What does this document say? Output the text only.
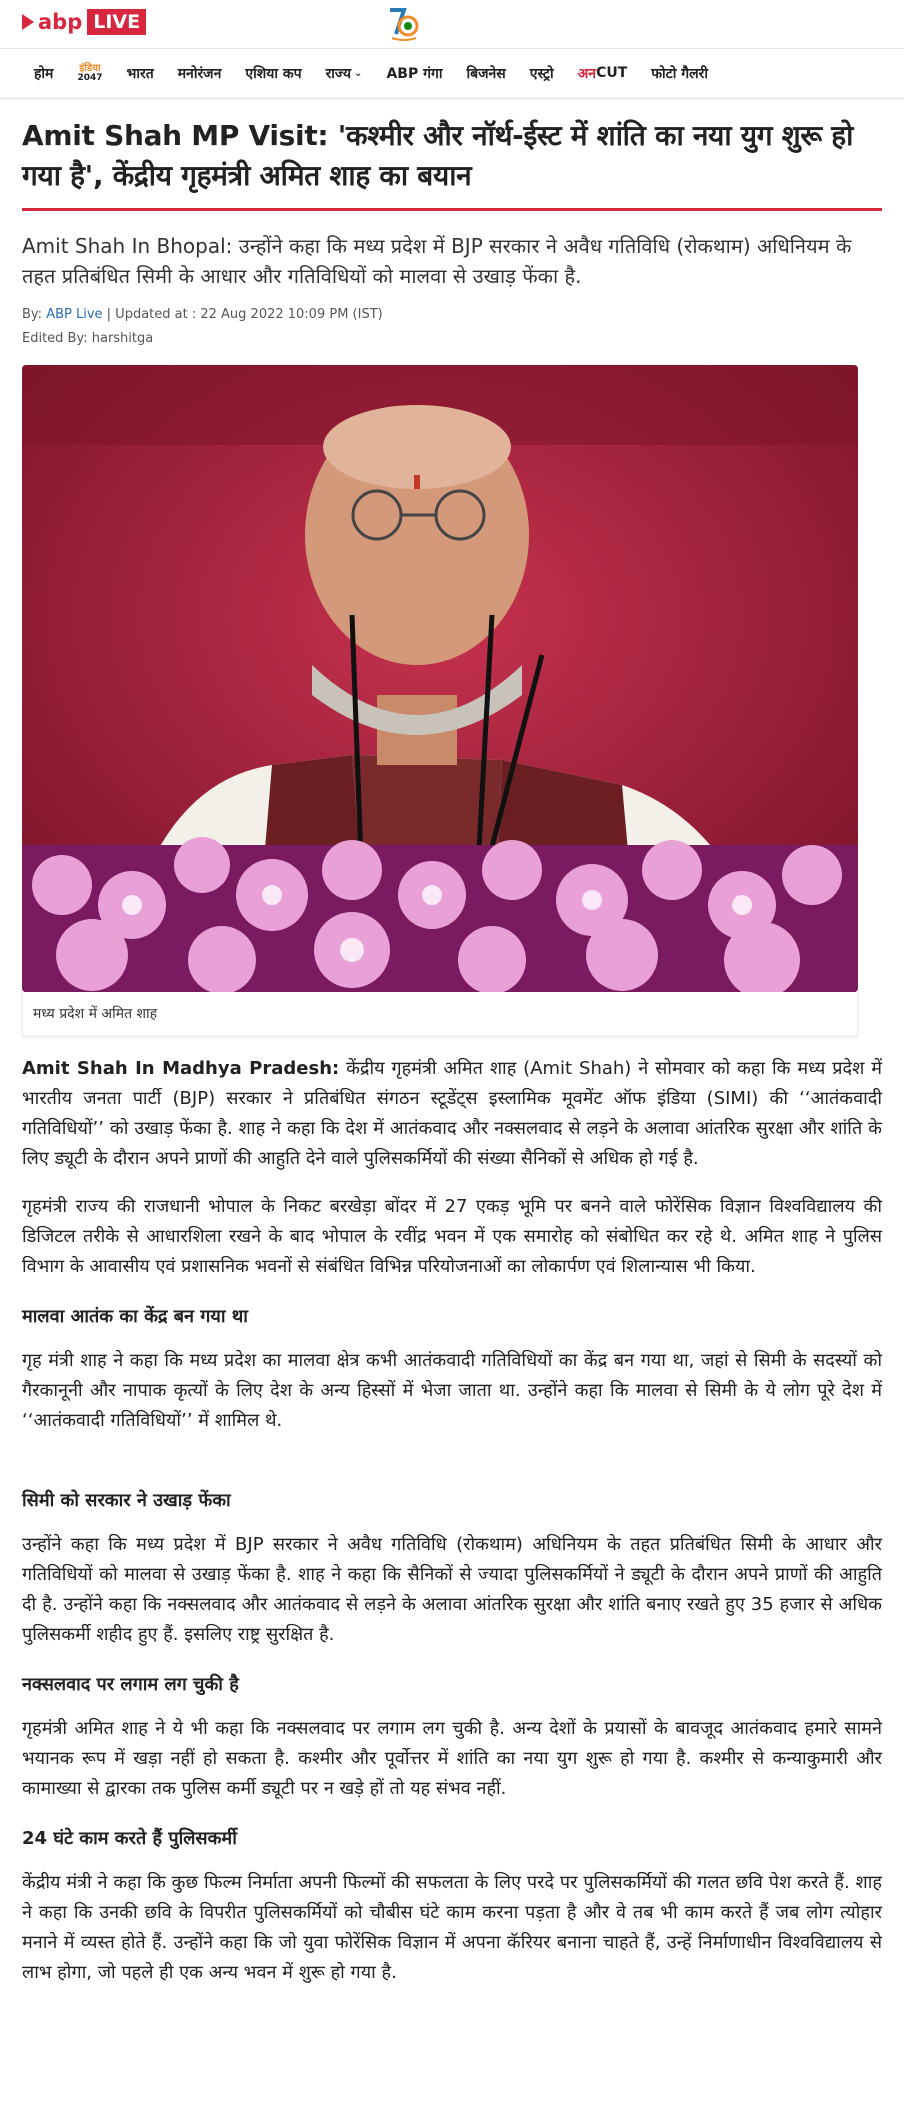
abp LIVE
होम	इंडिया
2047 भारत मनोरंजन एशिया कप राज्य ⌄ ABP गंगा बिजनेस एस्ट्रो अन CUT फोटो गैलरी
Amit Shah MP Visit: 'कश्मीर और नॉर्थ-ईस्ट में शांति का नया युग शुरू हो गया है', केंद्रीय गृहमंत्री अमित शाह का बयान
Amit Shah In Bhopal: उन्होंने कहा कि मध्य प्रदेश में BJP सरकार ने अवैध गतिविधि (रोकथाम) अधिनियम के तहत प्रतिबंधित सिमी के आधार और गतिविधियों को मालवा से उखाड़ फेंका है.
By: ABP Live | Updated at : 22 Aug 2022 10:09 PM (IST)
Edited By: harshitga
मध्य प्रदेश में अमित शाह

Amit Shah In Madhya Pradesh: केंद्रीय गृहमंत्री अमित शाह (Amit Shah) ने सोमवार को कहा कि मध्य प्रदेश में भारतीय जनता पार्टी (BJP) सरकार ने प्रतिबंधित संगठन स्टूडेंट्स इस्लामिक मूवमेंट ऑफ इंडिया (SIMI) की ‘‘आतंकवादी गतिविधियों’’ को उखाड़ फेंका है. शाह ने कहा कि देश में आतंकवाद और नक्सलवाद से लड़ने के अलावा आंतरिक सुरक्षा और शांति के लिए ड्यूटी के दौरान अपने प्राणों की आहुति देने वाले पुलिसकर्मियों की संख्या सैनिकों से अधिक हो गई है.

गृहमंत्री राज्य की राजधानी भोपाल के निकट बरखेड़ा बोंदर में 27 एकड़ भूमि पर बनने वाले फोरेंसिक विज्ञान विश्वविद्यालय की डिजिटल तरीके से आधारशिला रखने के बाद भोपाल के रवींद्र भवन में एक समारोह को संबोधित कर रहे थे. अमित शाह ने पुलिस विभाग के आवासीय एवं प्रशासनिक भवनों से संबंधित विभिन्न परियोजनाओं का लोकार्पण एवं शिलान्यास भी किया.

मालवा आतंक का केंद्र बन गया था

गृह मंत्री शाह ने कहा कि मध्य प्रदेश का मालवा क्षेत्र कभी आतंकवादी गतिविधियों का केंद्र बन गया था, जहां से सिमी के सदस्यों को गैरकानूनी और नापाक कृत्यों के लिए देश के अन्य हिस्सों में भेजा जाता था. उन्होंने कहा कि मालवा से सिमी के ये लोग पूरे देश में ‘‘आतंकवादी गतिविधियों’’ में शामिल थे.

सिमी को सरकार ने उखाड़ फेंका

उन्होंने कहा कि मध्य प्रदेश में BJP सरकार ने अवैध गतिविधि (रोकथाम) अधिनियम के तहत प्रतिबंधित सिमी के आधार और गतिविधियों को मालवा से उखाड़ फेंका है. शाह ने कहा कि सैनिकों से ज्यादा पुलिसकर्मियों ने ड्यूटी के दौरान अपने प्राणों की आहुति दी है. उन्होंने कहा कि नक्सलवाद और आतंकवाद से लड़ने के अलावा आंतरिक सुरक्षा और शांति बनाए रखते हुए 35 हजार से अधिक पुलिसकर्मी शहीद हुए हैं. इसलिए राष्ट्र सुरक्षित है.

नक्सलवाद पर लगाम लग चुकी है

गृहमंत्री अमित शाह ने ये भी कहा कि नक्सलवाद पर लगाम लग चुकी है. अन्य देशों के प्रयासों के बावजूद आतंकवाद हमारे सामने भयानक रूप में खड़ा नहीं हो सकता है. कश्मीर और पूर्वोत्तर में शांति का नया युग शुरू हो गया है. कश्मीर से कन्याकुमारी और कामाख्या से द्वारका तक पुलिस कर्मी ड्यूटी पर न खड़े हों तो यह संभव नहीं.

24 घंटे काम करते हैं पुलिसकर्मी

केंद्रीय मंत्री ने कहा कि कुछ फिल्म निर्माता अपनी फिल्मों की सफलता के लिए परदे पर पुलिसकर्मियों की गलत छवि पेश करते हैं. शाह ने कहा कि उनकी छवि के विपरीत पुलिसकर्मियों को चौबीस घंटे काम करना पड़ता है और वे तब भी काम करते हैं जब लोग त्योहार मनाने में व्यस्त होते हैं. उन्होंने कहा कि जो युवा फोरेंसिक विज्ञान में अपना कॅरियर बनाना चाहते हैं, उन्हें निर्माणाधीन विश्वविद्यालय से लाभ होगा, जो पहले ही एक अन्य भवन में शुरू हो गया है.
